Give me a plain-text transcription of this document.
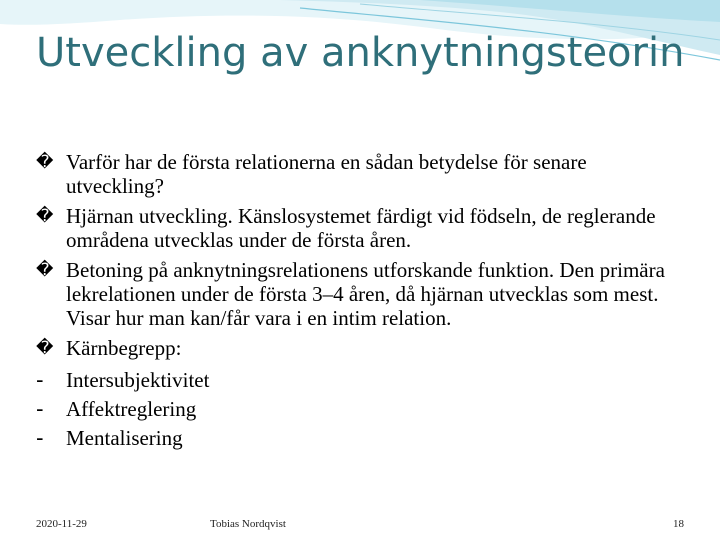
Utveckling av anknytningsteorin
� Varför har de första relationerna en sådan betydelse för senare utveckling?
� Hjärnan utveckling. Känslosystemet färdigt vid födseln, de reglerande områdena utvecklas under de första åren.
� Betoning på anknytningsrelationens utforskande funktion. Den primära lekrelationen under de första 3–4 åren, då hjärnan utvecklas som mest. Visar hur man kan/får vara i en intim relation.
� Kärnbegrepp:
- Intersubjektivitet
- Affektreglering
- Mentalisering
2020-11-29	Tobias Nordqvist	18
